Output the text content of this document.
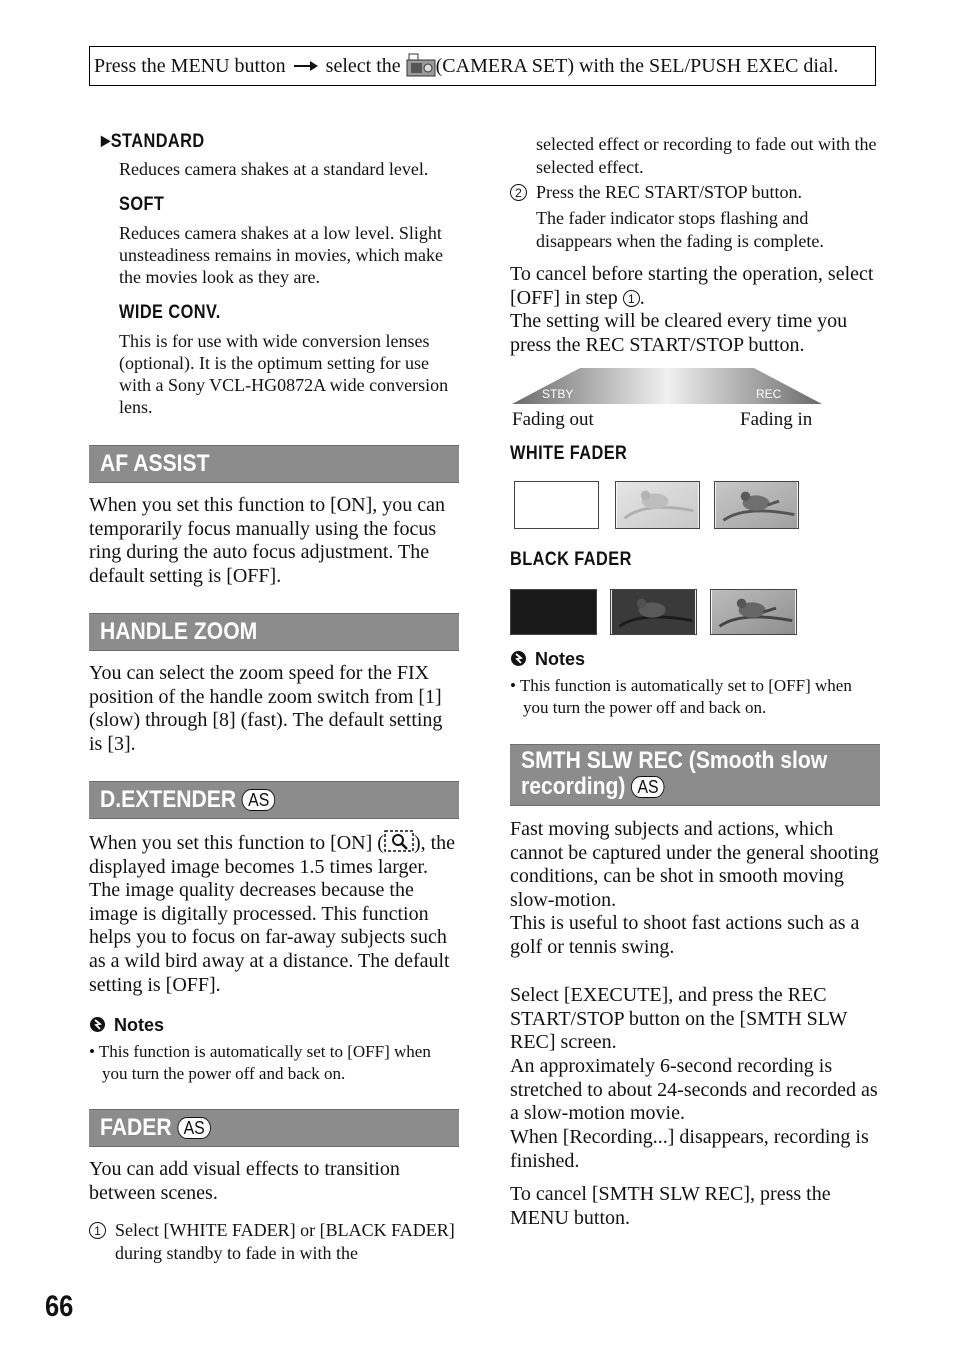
Press the MENU button select the (CAMERA SET) with the SEL/PUSH EXEC dial.
▶STANDARD
Reduces camera shakes at a standard level.
SOFT
Reduces camera shakes at a low level. Slight unsteadiness remains in movies, which make the movies look as they are.
WIDE CONV.
This is for use with wide conversion lenses (optional). It is the optimum setting for use with a Sony VCL-HG0872A wide conversion lens.
AF ASSIST
When you set this function to [ON], you can temporarily focus manually using the focus ring during the auto focus adjustment. The default setting is [OFF].
HANDLE ZOOM
You can select the zoom speed for the FIX position of the handle zoom switch from [1] (slow) through [8] (fast). The default setting is [3].
D.EXTENDER AS
When you set this function to [ON] ( ), the displayed image becomes 1.5 times larger. The image quality decreases because the image is digitally processed. This function helps you to focus on far-away subjects such as a wild bird away at a distance. The default setting is [OFF].
Notes
• This function is automatically set to [OFF] when you turn the power off and back on.
FADER AS
You can add visual effects to transition between scenes.
1 Select [WHITE FADER] or [BLACK FADER] during standby to fade in with the
selected effect or recording to fade out with the selected effect.
2 Press the REC START/STOP button.
The fader indicator stops flashing and disappears when the fading is complete.
To cancel before starting the operation, select [OFF] in step 1 .
The setting will be cleared every time you press the REC START/STOP button.
STBY	REC
Fading out	Fading in
WHITE FADER
BLACK FADER
Notes
• This function is automatically set to [OFF] when you turn the power off and back on.
SMTH SLW REC (Smooth slow
recording) AS
Fast moving subjects and actions, which cannot be captured under the general shooting conditions, can be shot in smooth moving slow-motion.
This is useful to shoot fast actions such as a golf or tennis swing.
Select [EXECUTE], and press the REC START/STOP button on the [SMTH SLW REC] screen.
An approximately 6-second recording is stretched to about 24-seconds and recorded as a slow-motion movie.
When [Recording...] disappears, recording is finished.
To cancel [SMTH SLW REC], press the MENU button.
66
